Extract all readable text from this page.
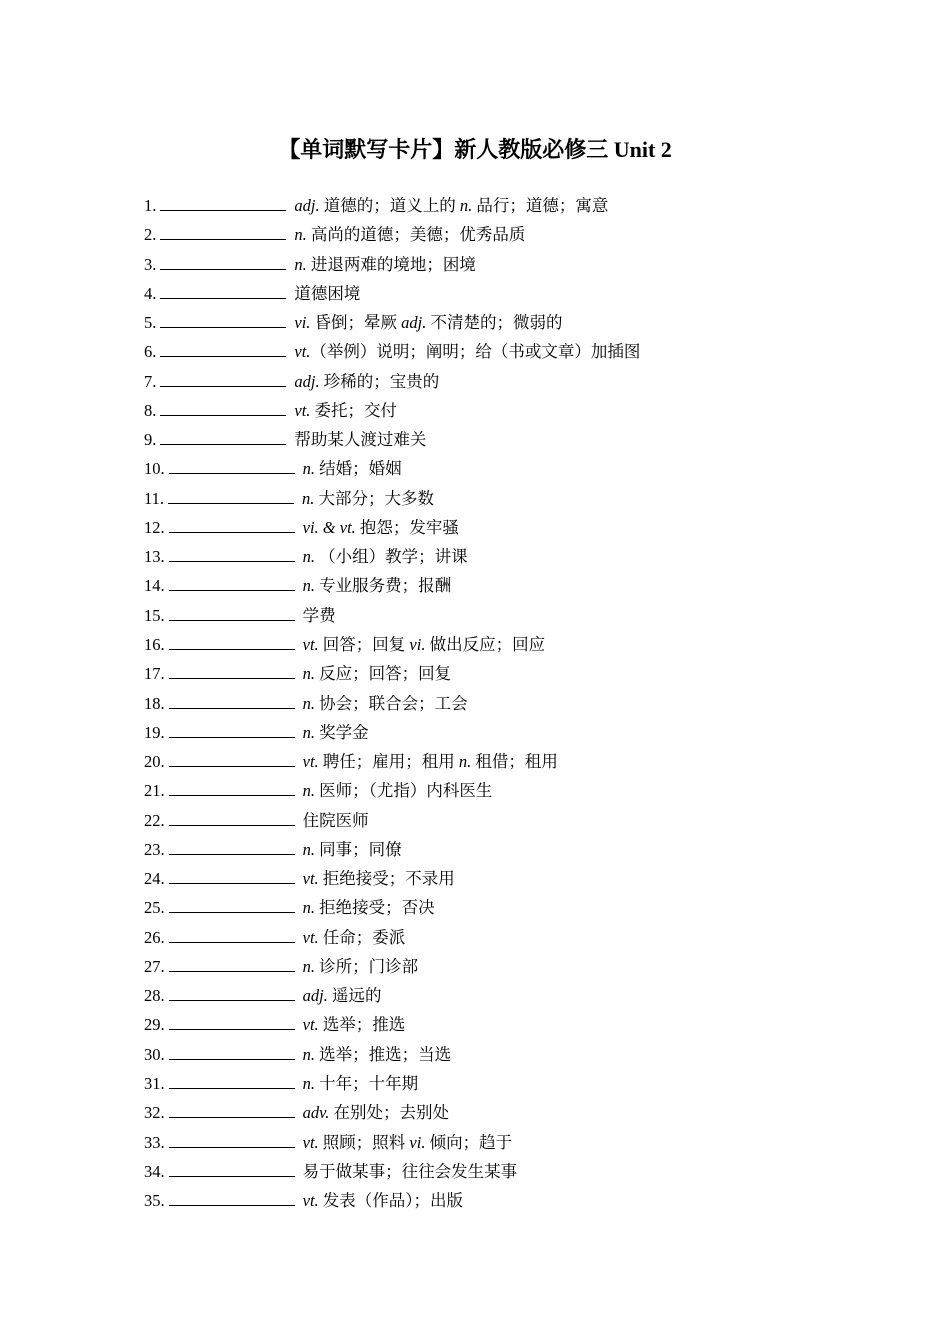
【单词默写卡片】新人教版必修三 Unit 2
1.	adj. 道德的；道义上的 n. 品行；道德；寓意
2.	n. 高尚的道德；美德；优秀品质
3.	n. 进退两难的境地；困境
4.	道德困境
5.	vi. 昏倒；晕厥 adj. 不清楚的；微弱的
6.	vt.（举例）说明；阐明；给（书或文章）加插图
7.	adj. 珍稀的；宝贵的
8.	vt. 委托；交付
9.	帮助某人渡过难关
10.	n. 结婚；婚姻
11.	n. 大部分；大多数
12.	vi. & vt. 抱怨；发牢骚
13.	n. （小组）教学；讲课
14.	n. 专业服务费；报酬
15.	学费
16.	vt. 回答；回复 vi. 做出反应；回应
17.	n. 反应；回答；回复
18.	n. 协会；联合会；工会
19.	n. 奖学金
20.	vt. 聘任；雇用；租用 n. 租借；租用
21.	n. 医师；（尤指）内科医生
22.	住院医师
23.	n. 同事；同僚
24.	vt. 拒绝接受；不录用
25.	n. 拒绝接受；否决
26.	vt. 任命；委派
27.	n. 诊所；门诊部
28.	adj. 遥远的
29.	vt. 选举；推选
30.	n. 选举；推选；当选
31.	n. 十年；十年期
32.	adv. 在别处；去别处
33.	vt. 照顾；照料 vi. 倾向；趋于
34.	易于做某事；往往会发生某事
35.	vt. 发表（作品）；出版
